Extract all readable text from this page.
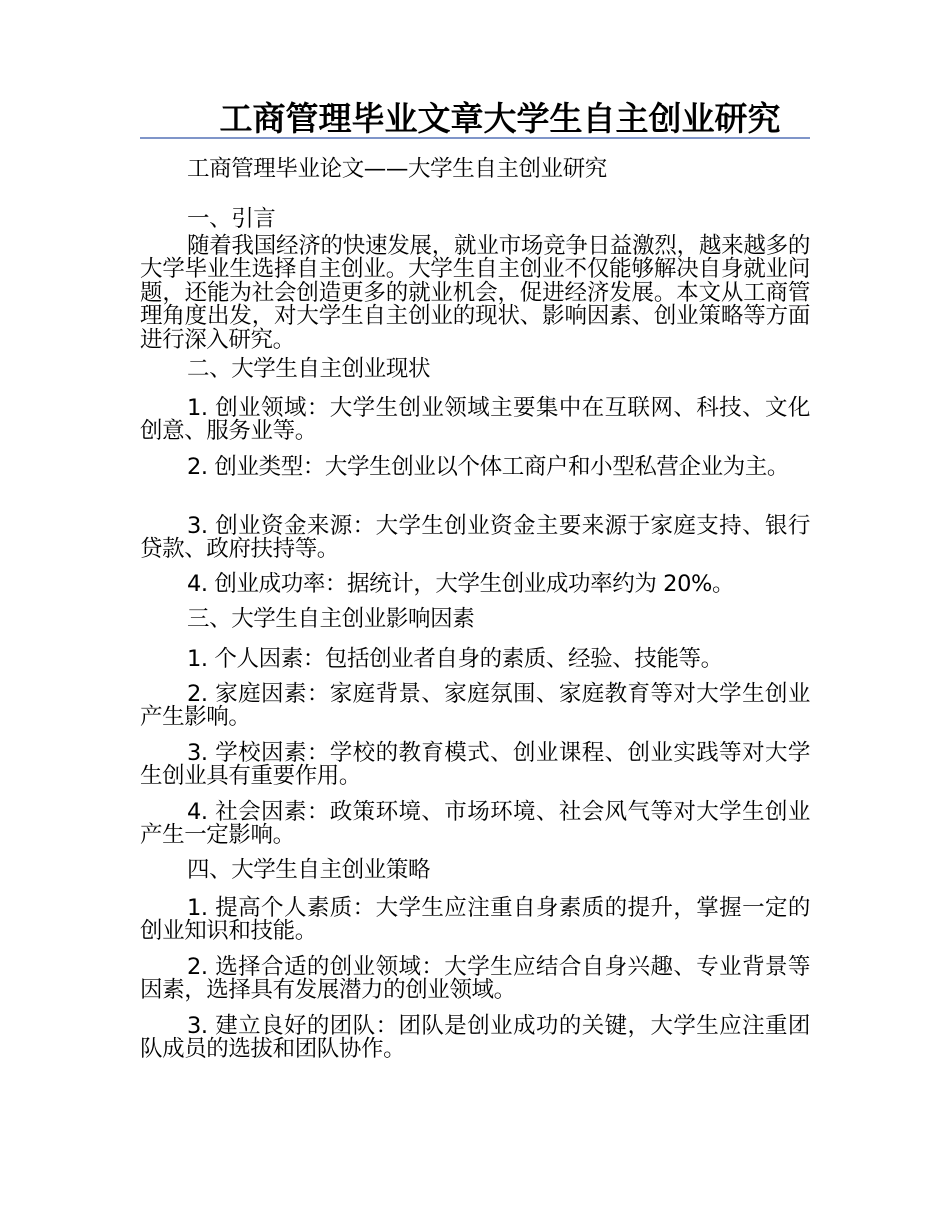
工商管理毕业文章大学生自主创业研究

工商管理毕业论文——大学生自主创业研究

一、引言

随着我国经济的快速发展，就业市场竞争日益激烈，越来越多的大学毕业生选择自主创业。大学生自主创业不仅能够解决自身就业问题，还能为社会创造更多的就业机会，促进经济发展。本文从工商管理角度出发，对大学生自主创业的现状、影响因素、创业策略等方面进行深入研究。

二、大学生自主创业现状

1. 创业领域：大学生创业领域主要集中在互联网、科技、文化创意、服务业等。

2. 创业类型：大学生创业以个体工商户和小型私营企业为主。

3. 创业资金来源：大学生创业资金主要来源于家庭支持、银行贷款、政府扶持等。

4. 创业成功率：据统计，大学生创业成功率约为 20%。

三、大学生自主创业影响因素

1. 个人因素：包括创业者自身的素质、经验、技能等。

2. 家庭因素：家庭背景、家庭氛围、家庭教育等对大学生创业产生影响。

3. 学校因素：学校的教育模式、创业课程、创业实践等对大学生创业具有重要作用。

4. 社会因素：政策环境、市场环境、社会风气等对大学生创业产生一定影响。

四、大学生自主创业策略

1. 提高个人素质：大学生应注重自身素质的提升，掌握一定的创业知识和技能。

2. 选择合适的创业领域：大学生应结合自身兴趣、专业背景等因素，选择具有发展潜力的创业领域。

3. 建立良好的团队：团队是创业成功的关键，大学生应注重团队成员的选拔和团队协作。
